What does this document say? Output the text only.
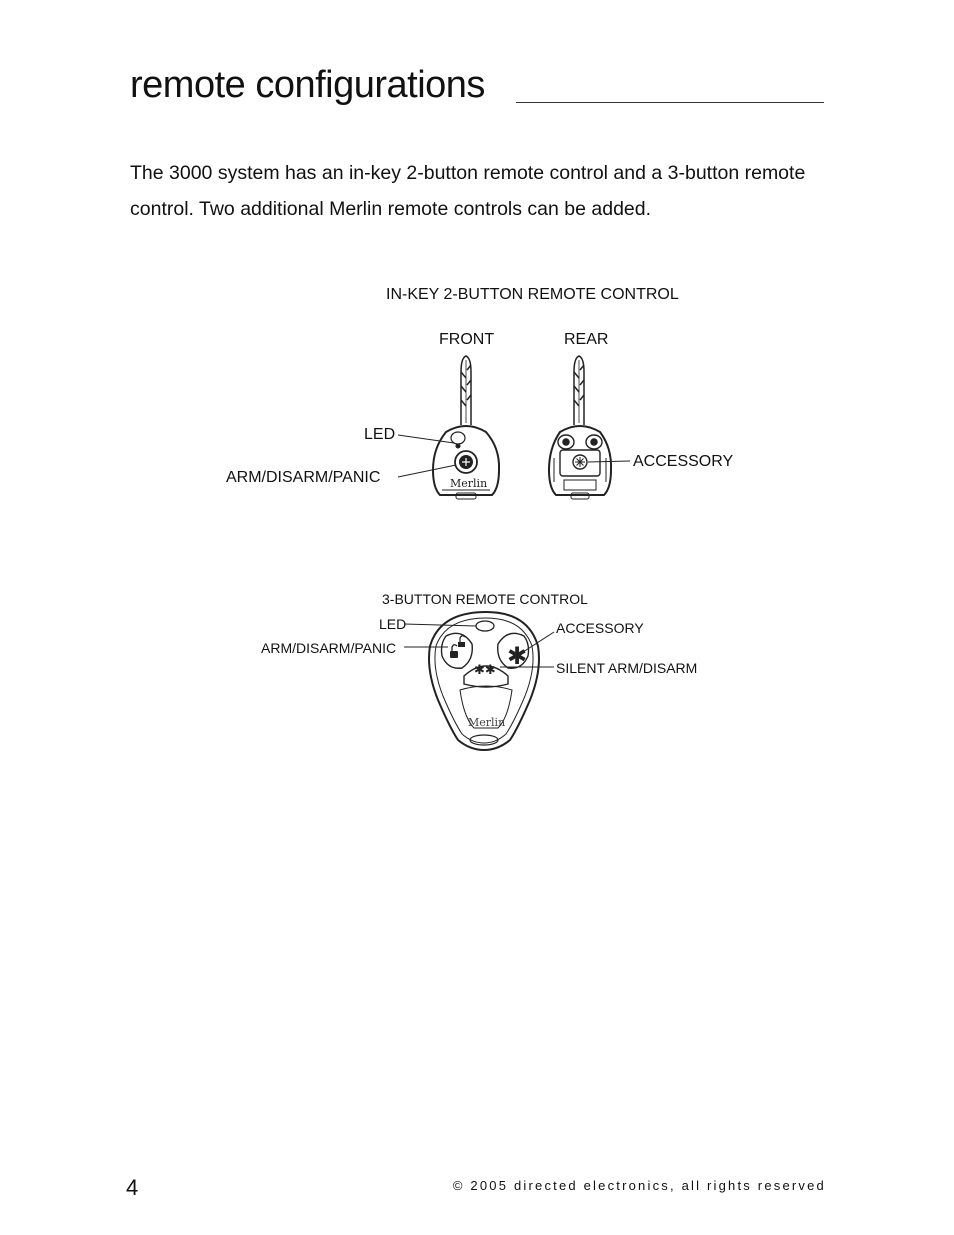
remote configurations

The 3000 system has an in-key 2-button remote control and a 3-button remote control. Two additional Merlin remote controls can be added.

IN-KEY 2-BUTTON REMOTE CONTROL
FRONT	REAR
LED
ARM/DISARM/PANIC
ACCESSORY
3-BUTTON REMOTE CONTROL
LED
ARM/DISARM/PANIC
ACCESSORY
SILENT ARM/DISARM
Merlin
✱
✱✱
Merlin
4	© 2005 directed electronics, all rights reserved
